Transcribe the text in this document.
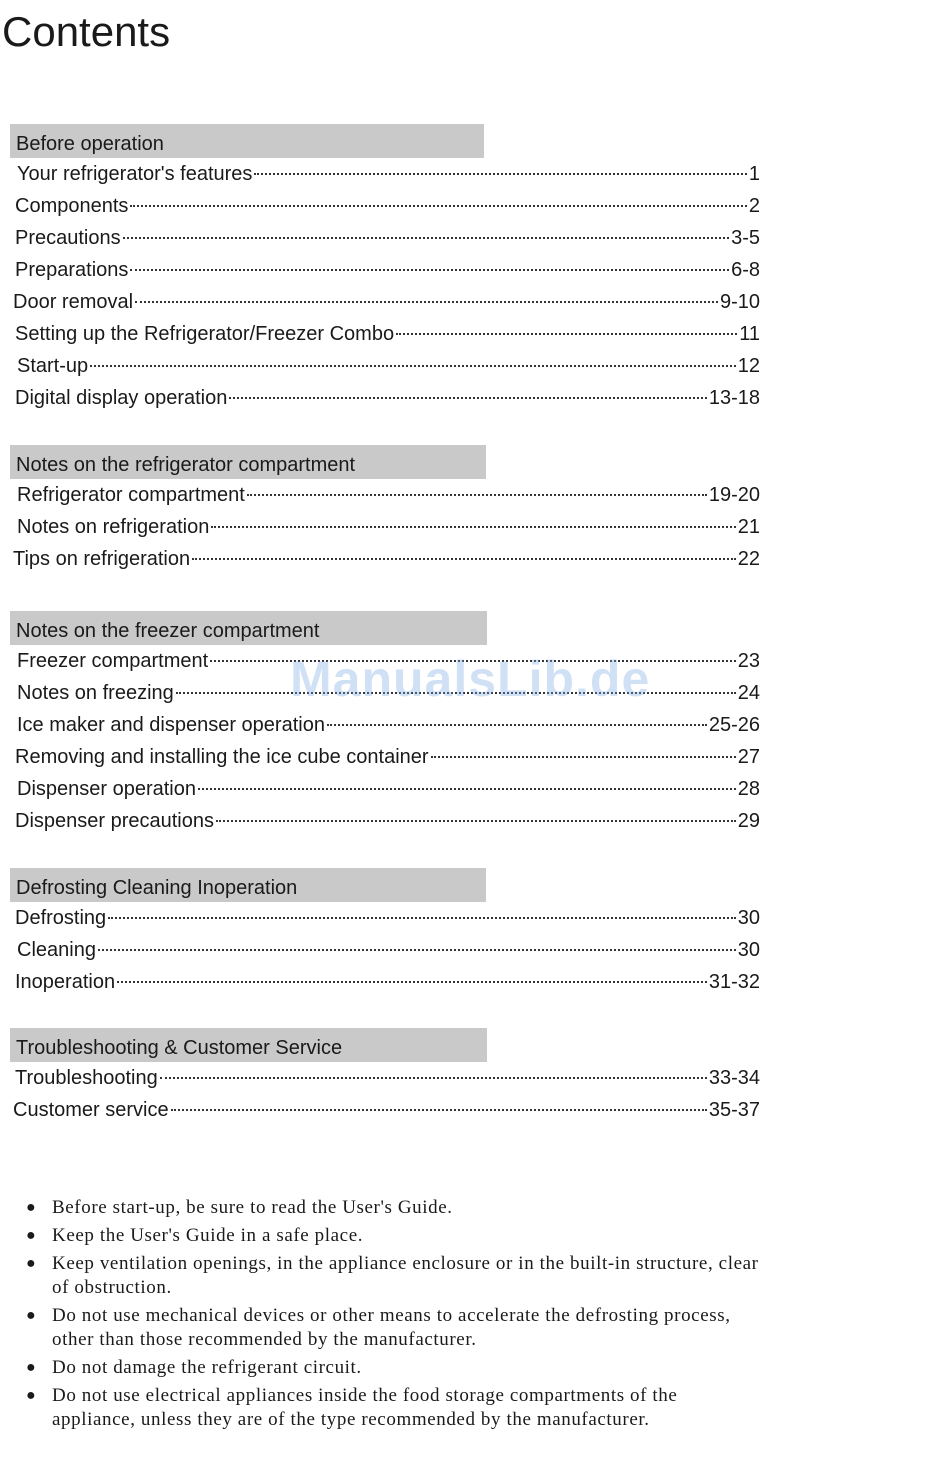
Contents
Before operation
Your refrigerator's features	1
Components	2
Precautions	3-5
Preparations	6-8
Door removal	9-10
Setting up the Refrigerator/Freezer Combo	11
Start-up	12
Digital display operation	13-18
Notes on the refrigerator compartment
Refrigerator compartment	19-20
Notes on refrigeration	21
Tips on refrigeration	22
Notes on the freezer compartment
Freezer compartment	23
Notes on freezing	24
Ice maker and dispenser operation	25-26
Removing and installing the ice cube container	27
Dispenser operation	28
Dispenser precautions	29
Defrosting Cleaning Inoperation
Defrosting	30
Cleaning	30
Inoperation	31-32
Troubleshooting & Customer Service
Troubleshooting	33-34
Customer service	35-37
ManualsLib.de
● Before start-up, be sure to read the User's Guide.
● Keep the User's Guide in a safe place.
● Keep ventilation openings, in the appliance enclosure or in the built-in structure, clear of obstruction.
● Do not use mechanical devices or other means to accelerate the defrosting process, other than those recommended by the manufacturer.
● Do not damage the refrigerant circuit.
● Do not use electrical appliances inside the food storage compartments of the appliance, unless they are of the type recommended by the manufacturer.
